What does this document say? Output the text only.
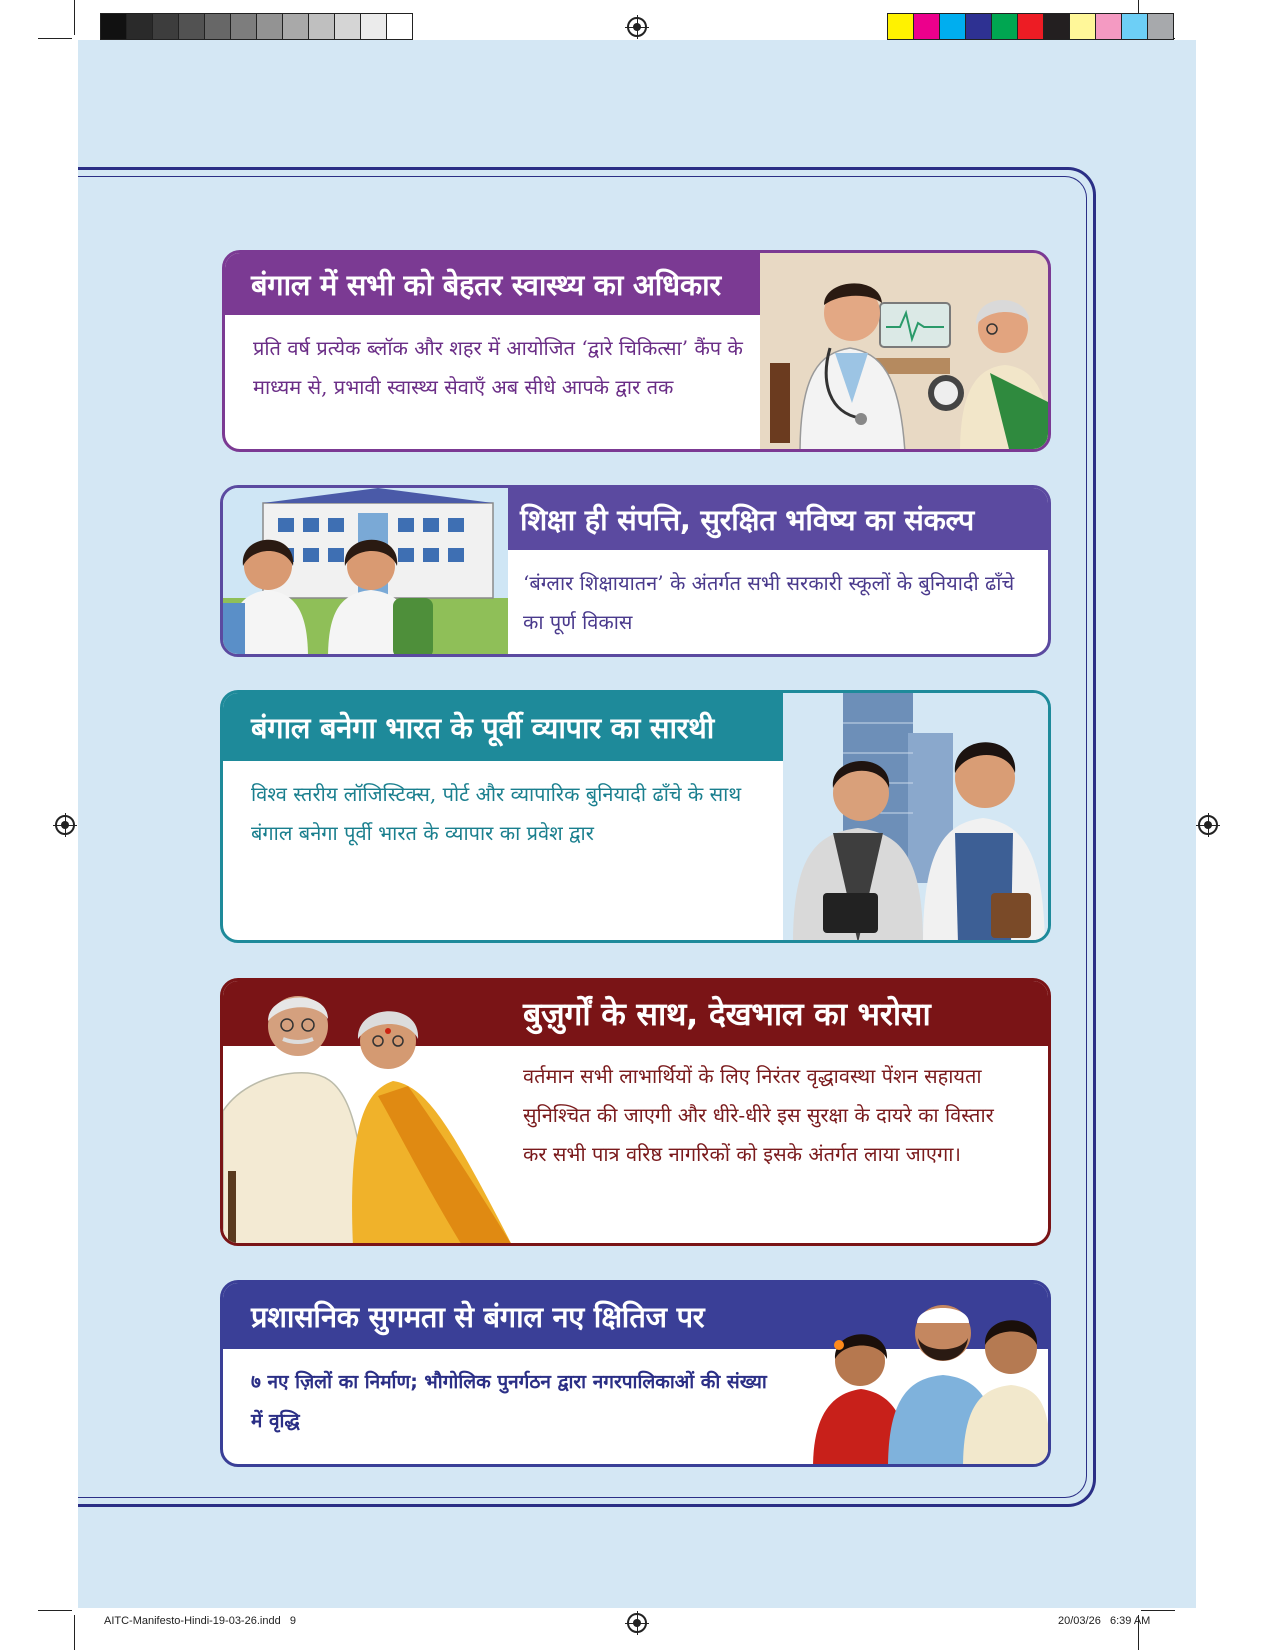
बंगाल में सभी को बेहतर स्वास्थ्य का अधिकार
प्रति वर्ष प्रत्येक ब्लॉक और शहर में आयोजित ‘द्वारे चिकित्सा’ कैंप के माध्यम से, प्रभावी स्वास्थ्य सेवाएँ अब सीधे आपके द्वार तक
शिक्षा ही संपत्ति, सुरक्षित भविष्य का संकल्प
‘बंग्लार शिक्षायातन’ के अंतर्गत सभी सरकारी स्कूलों के बुनियादी ढाँचे का पूर्ण विकास
बंगाल बनेगा भारत के पूर्वी व्यापार का सारथी
विश्व स्तरीय लॉजिस्टिक्स, पोर्ट और व्यापारिक बुनियादी ढाँचे के साथ बंगाल बनेगा पूर्वी भारत के व्यापार का प्रवेश द्वार
बुज़ुर्गों के साथ, देखभाल का भरोसा
वर्तमान सभी लाभार्थियों के लिए निरंतर वृद्धावस्था पेंशन सहायता सुनिश्चित की जाएगी और धीरे-धीरे इस सुरक्षा के दायरे का विस्तार कर सभी पात्र वरिष्ठ नागरिकों को इसके अंतर्गत लाया जाएगा।
प्रशासनिक सुगमता से बंगाल नए क्षितिज पर
७ नए ज़िलों का निर्माण; भौगोलिक पुनर्गठन द्वारा नगरपालिकाओं की संख्या में वृद्धि
AITC-Manifesto-Hindi-19-03-26.indd   9	20/03/26   6:39 AM
